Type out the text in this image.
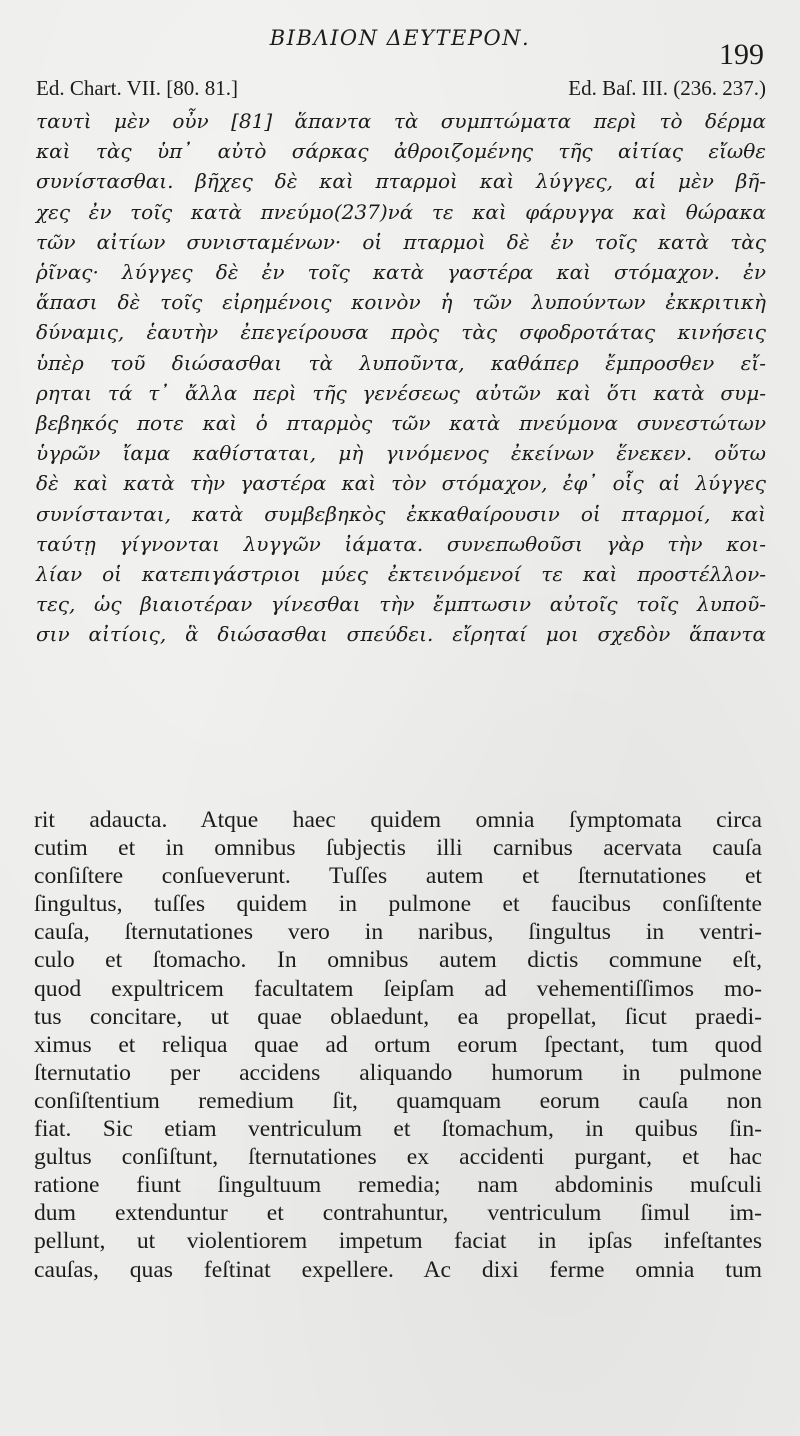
ΒΙΒΛΙΟΝ ΔΕΥΤΕΡΟΝ.	199
Ed. Chart. VII. [80. 81.]	Ed. Baſ. III. (236. 237.)
ταυτὶ μὲν οὖν [81] ἅπαντα τὰ συμπτώματα περὶ τὸ δέρμα
καὶ τὰς ὑπ᾽ αὐτὸ σάρκας ἀθροιζομένης τῆς αἰτίας εἴωθε
συνίστασθαι. βῆχες δὲ καὶ πταρμοὶ καὶ λύγγες, αἱ μὲν βῆ-
χες ἐν τοῖς κατὰ πνεύμο(237)νά τε καὶ φάρυγγα καὶ θώρακα
τῶν αἰτίων συνισταμένων· οἱ πταρμοὶ δὲ ἐν τοῖς κατὰ τὰς
ῥῖνας· λύγγες δὲ ἐν τοῖς κατὰ γαστέρα καὶ στόμαχον. ἐν
ἅπασι δὲ τοῖς εἰρημένοις κοινὸν ἡ τῶν λυπούντων ἐκκριτικὴ
δύναμις, ἑαυτὴν ἐπεγείρουσα πρὸς τὰς σφοδροτάτας κινήσεις
ὑπὲρ τοῦ διώσασθαι τὰ λυποῦντα, καθάπερ ἔμπροσθεν εἴ-
ρηται τά τ᾽ ἄλλα περὶ τῆς γενέσεως αὐτῶν καὶ ὅτι κατὰ συμ-
βεβηκός ποτε καὶ ὁ πταρμὸς τῶν κατὰ πνεύμονα συνεστώτων
ὑγρῶν ἴαμα καθίσταται, μὴ γινόμενος ἐκείνων ἕνεκεν. οὕτω
δὲ καὶ κατὰ τὴν γαστέρα καὶ τὸν στόμαχον, ἐφ᾽ οἷς αἱ λύγγες
συνίστανται, κατὰ συμβεβηκὸς ἐκκαθαίρουσιν οἱ πταρμοί, καὶ
ταύτῃ γίγνονται λυγγῶν ἰάματα. συνεπωθοῦσι γὰρ τὴν κοι-
λίαν οἱ κατεπιγάστριοι μύες ἐκτεινόμενοί τε καὶ προστέλλον-
τες, ὡς βιαιοτέραν γίνεσθαι τὴν ἔμπτωσιν αὐτοῖς τοῖς λυποῦ-
σιν αἰτίοις, ἃ διώσασθαι σπεύδει. εἴρηταί μοι σχεδὸν ἅπαντα
rit adaucta. Atque haec quidem omnia ſymptomata circa
cutim et in omnibus ſubjectis illi carnibus acervata cauſa
conſiſtere conſueverunt. Tuſſes autem et ſternutationes et
ſingultus, tuſſes quidem in pulmone et faucibus conſiſtente
cauſa, ſternutationes vero in naribus, ſingultus in ventri-
culo et ſtomacho. In omnibus autem dictis commune eſt,
quod expultricem facultatem ſeipſam ad vehementiſſimos mo-
tus concitare, ut quae oblaedunt, ea propellat, ſicut praedi-
ximus et reliqua quae ad ortum eorum ſpectant, tum quod
ſternutatio per accidens aliquando humorum in pulmone
conſiſtentium remedium ſit, quamquam eorum cauſa non
fiat. Sic etiam ventriculum et ſtomachum, in quibus ſin-
gultus conſiſtunt, ſternutationes ex accidenti purgant, et hac
ratione fiunt ſingultuum remedia; nam abdominis muſculi
dum extenduntur et contrahuntur, ventriculum ſimul im-
pellunt, ut violentiorem impetum faciat in ipſas infeſtantes
cauſas, quas feſtinat expellere. Ac dixi ferme omnia tum
